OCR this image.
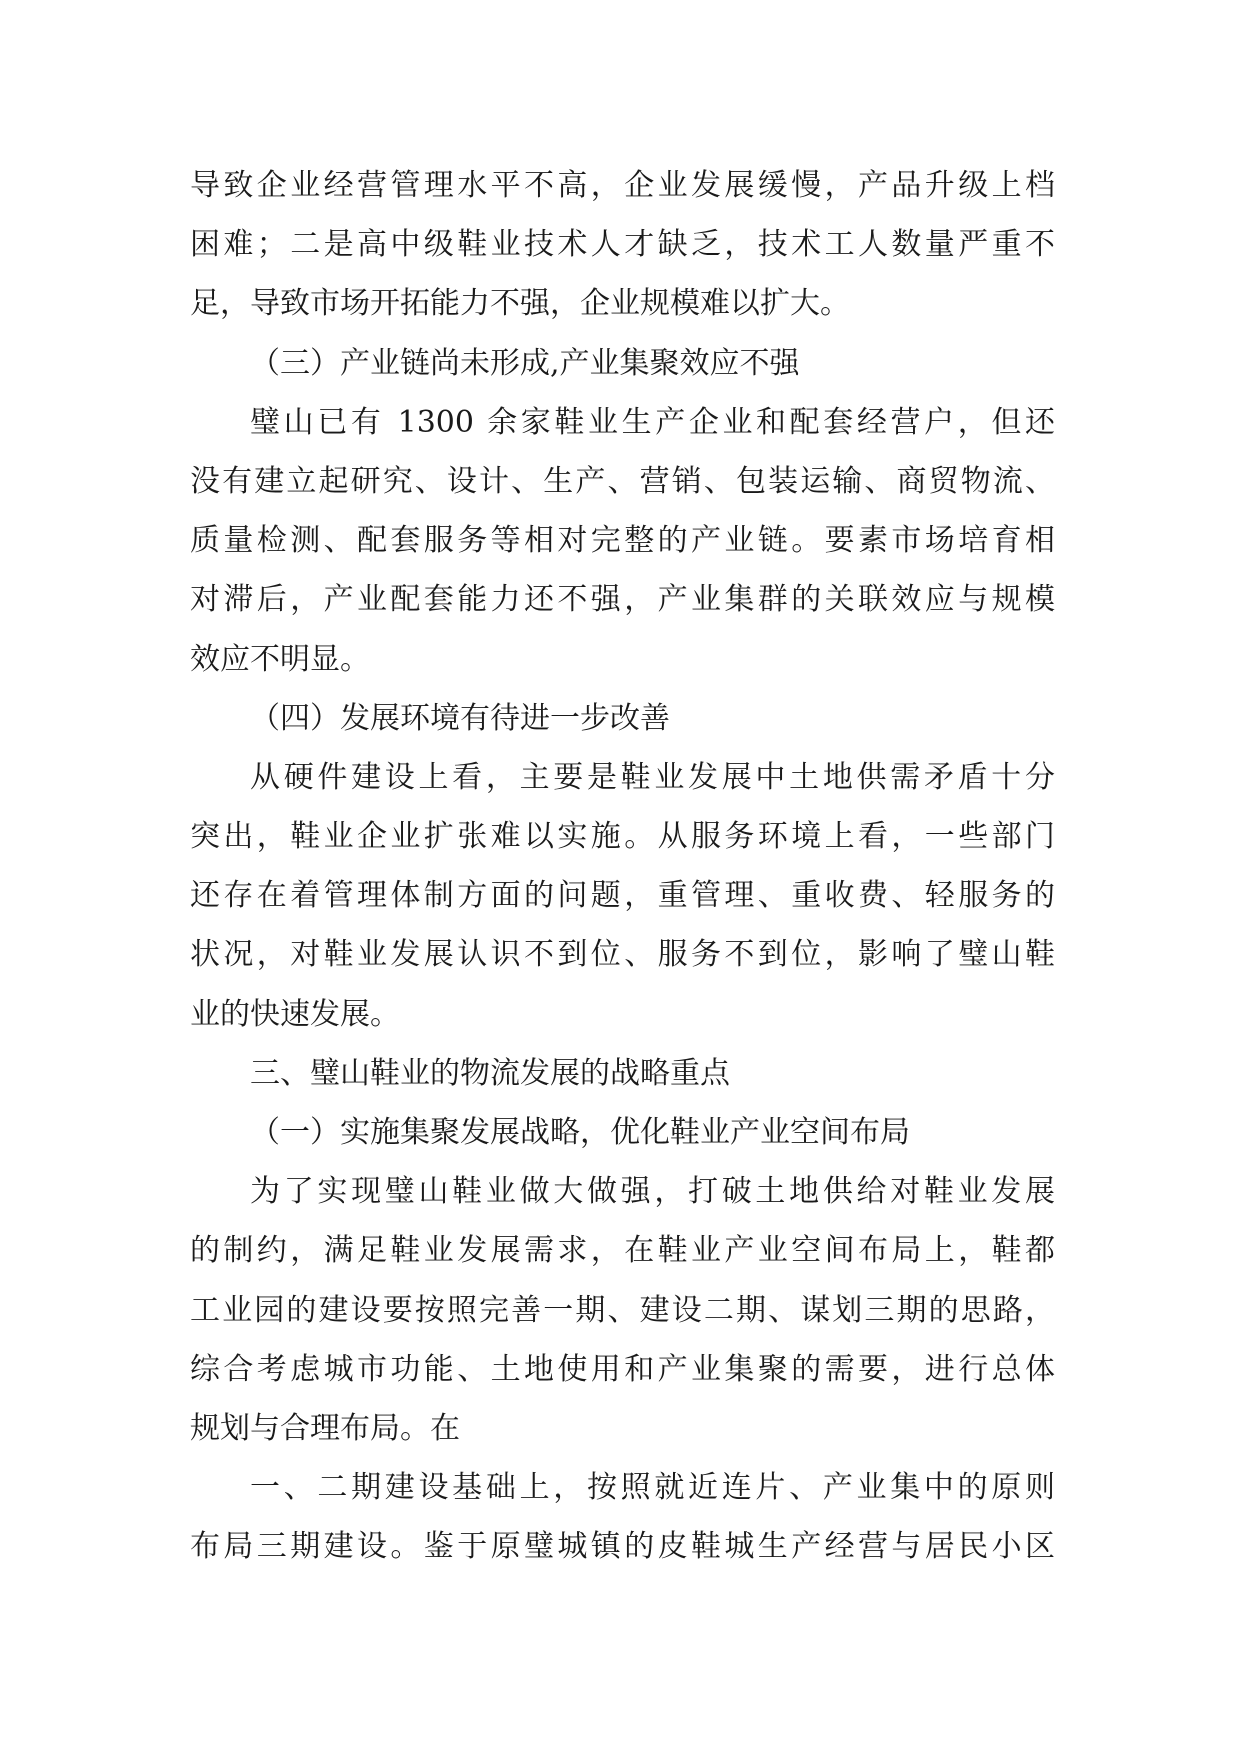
导致企业经营管理水平不高，企业发展缓慢，产品升级上档
困难；二是高中级鞋业技术人才缺乏，技术工人数量严重不
足，导致市场开拓能力不强，企业规模难以扩大。
（三）产业链尚未形成,产业集聚效应不强
璧山已有 1300 余家鞋业生产企业和配套经营户，但还
没有建立起研究、设计、生产、营销、包装运输、商贸物流、
质量检测、配套服务等相对完整的产业链。要素市场培育相
对滞后，产业配套能力还不强，产业集群的关联效应与规模
效应不明显。
（四）发展环境有待进一步改善
从硬件建设上看，主要是鞋业发展中土地供需矛盾十分
突出，鞋业企业扩张难以实施。从服务环境上看，一些部门
还存在着管理体制方面的问题，重管理、重收费、轻服务的
状况，对鞋业发展认识不到位、服务不到位，影响了璧山鞋
业的快速发展。
三、璧山鞋业的物流发展的战略重点
（一）实施集聚发展战略，优化鞋业产业空间布局
为了实现璧山鞋业做大做强，打破土地供给对鞋业发展
的制约，满足鞋业发展需求，在鞋业产业空间布局上，鞋都
工业园的建设要按照完善一期、建设二期、谋划三期的思路，
综合考虑城市功能、土地使用和产业集聚的需要，进行总体
规划与合理布局。在
一、二期建设基础上，按照就近连片、产业集中的原则
布局三期建设。鉴于原璧城镇的皮鞋城生产经营与居民小区
